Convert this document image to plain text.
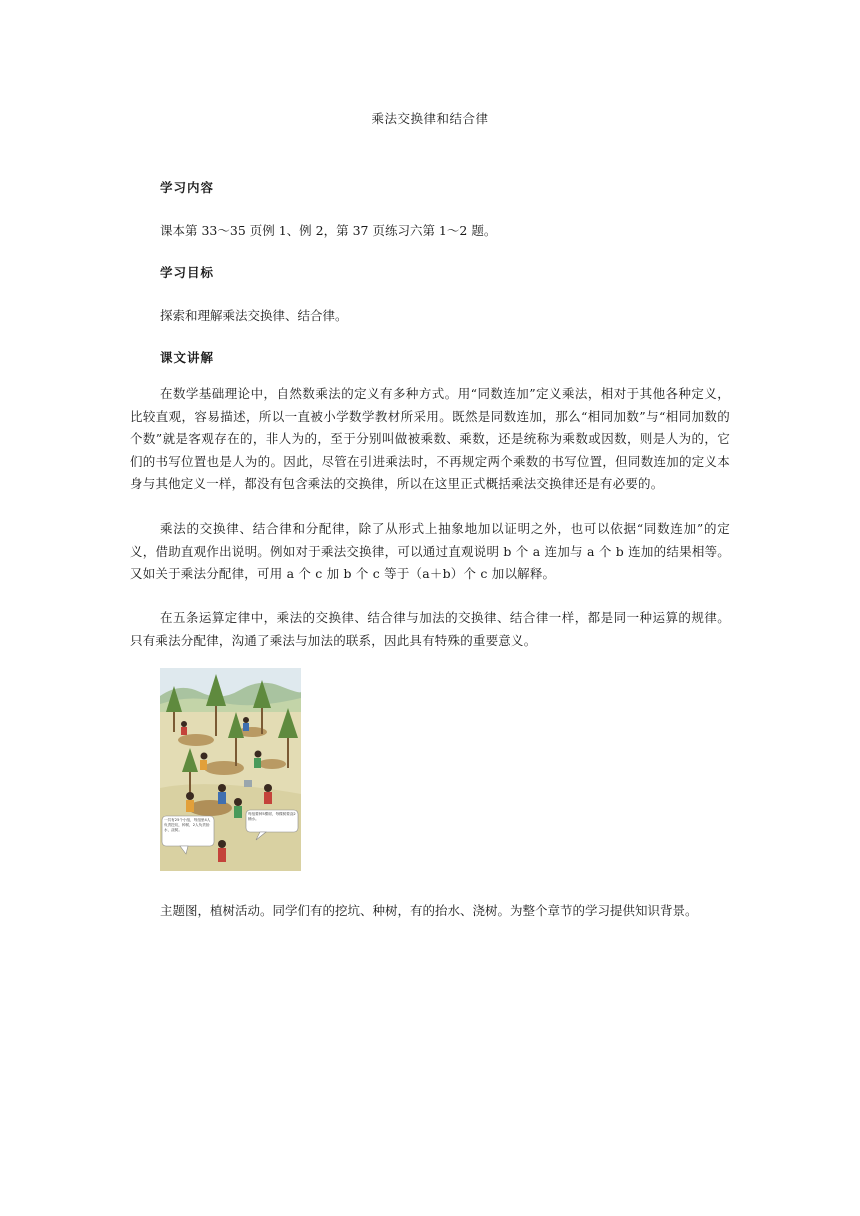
乘法交换律和结合律
学习内容
课本第 33～35 页例 1、例 2，第 37 页练习六第 1～2 题。
学习目标
探索和理解乘法交换律、结合律。
课文讲解
在数学基础理论中，自然数乘法的定义有多种方式。用“同数连加”定义乘法，相对于其他各种定义，比较直观，容易描述，所以一直被小学数学教材所采用。既然是同数连加，那么“相同加数”与“相同加数的个数”就是客观存在的，非人为的，至于分别叫做被乘数、乘数，还是统称为乘数或因数，则是人为的，它们的书写位置也是人为的。因此，尽管在引进乘法时，不再规定两个乘数的书写位置，但同数连加的定义本身与其他定义一样，都没有包含乘法的交换律，所以在这里正式概括乘法交换律还是有必要的。
乘法的交换律、结合律和分配律，除了从形式上抽象地加以证明之外，也可以依据“同数连加”的定义，借助直观作出说明。例如对于乘法交换律，可以通过直观说明 b 个 a 连加与 a 个 b 连加的结果相等。又如关于乘法分配律，可用 a 个 c 加 b 个 c 等于（a＋b）个 c 加以解释。
在五条运算定律中，乘法的交换律、结合律与加法的交换律、结合律一样，都是同一种运算的规律。只有乘法分配律，沟通了乘法与加法的联系，因此具有特殊的重要意义。
一共有25个小组，每组里4人负责挖坑，种树，2人负责抬水，浇树。
每组要种5棵树，每棵树要浇2桶水。
主题图，植树活动。同学们有的挖坑、种树，有的抬水、浇树。为整个章节的学习提供知识背景。
